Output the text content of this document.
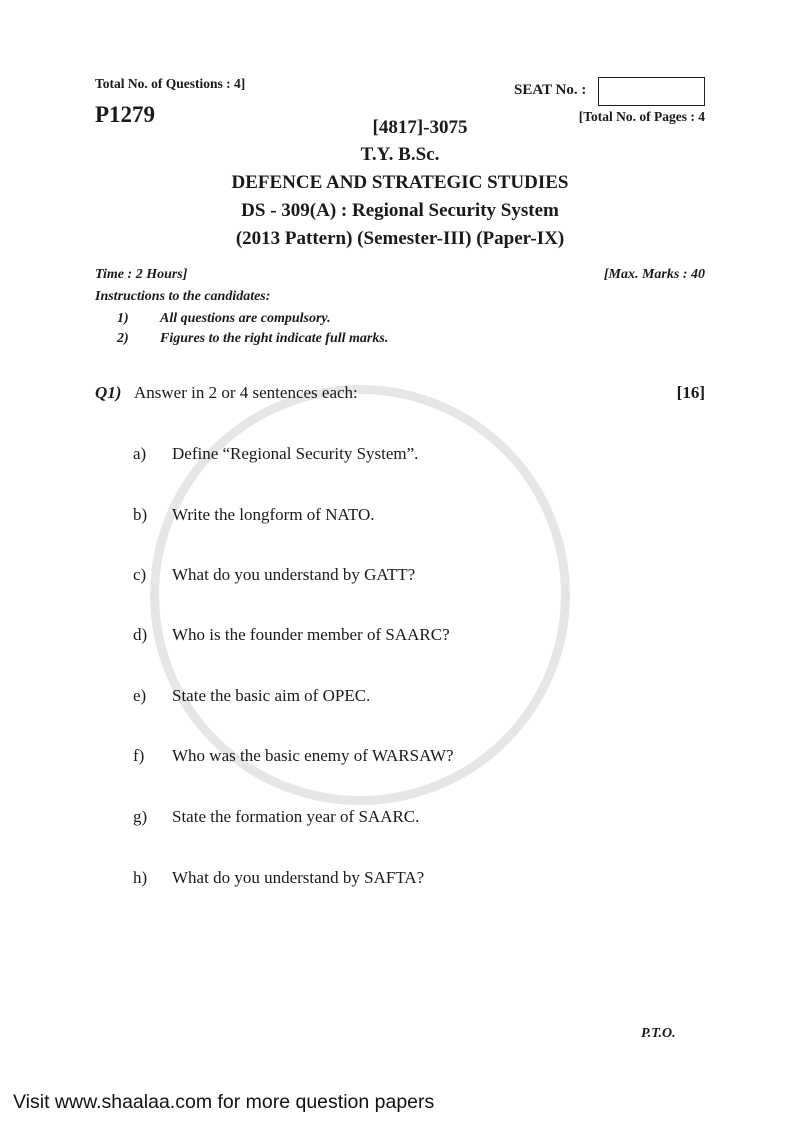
Total No. of Questions : 4]
P1279
SEAT No. :
[Total No. of Pages : 4
[4817]-3075
T.Y. B.Sc.
DEFENCE AND STRATEGIC STUDIES
DS - 309(A) : Regional Security System
(2013 Pattern) (Semester-III) (Paper-IX)
Time : 2 Hours]	[Max. Marks : 40
Instructions to the candidates:
1) All questions are compulsory.
2) Figures to the right indicate full marks.
Q1) Answer in 2 or 4 sentences each:	[16]
a) Define “Regional Security System”.
b) Write the longform of NATO.
c) What do you understand by GATT?
d) Who is the founder member of SAARC?
e) State the basic aim of OPEC.
f) Who was the basic enemy of WARSAW?
g) State the formation year of SAARC.
h) What do you understand by SAFTA?
P.T.O.
Visit www.shaalaa.com for more question papers
